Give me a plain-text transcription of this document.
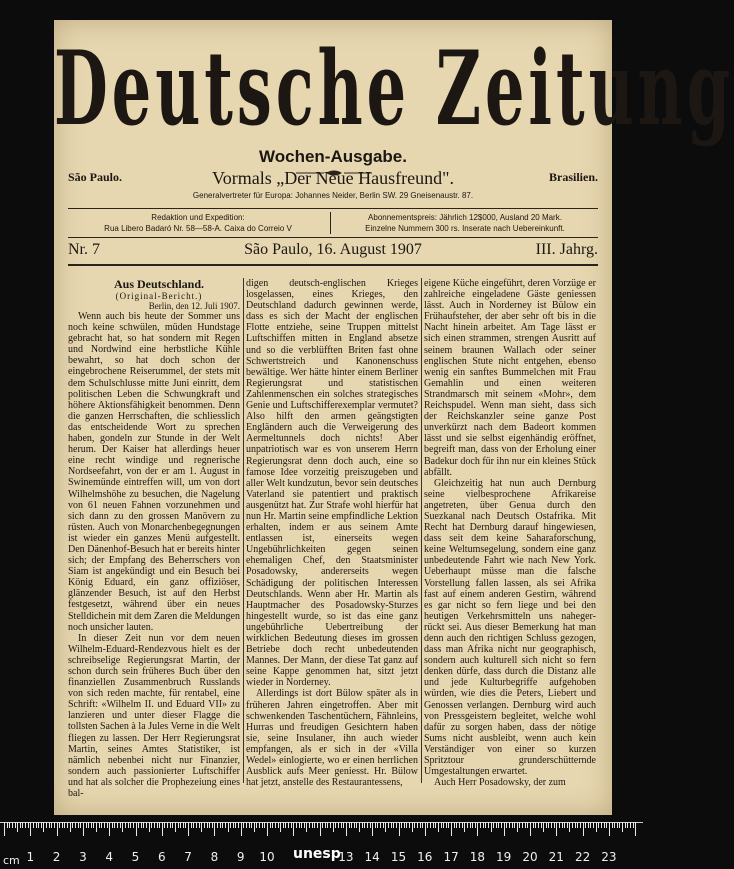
Deutsche Zeitung
Wochen-Ausgabe.
São Paulo.	Brasilien.
Vormals „Der Neue Hausfreund".
Generalvertreter für Europa: Johannes Neider, Berlin SW. 29 Gneisenaustr. 87.
Redaktion und Expedition:
Rua Libero Badaró Nr. 58—58-A. Caixa do Correio V
Abonnementspreis: Jährlich 12$000, Ausland 20 Mark.
Einzelne Nummern 300 rs. Inserate nach Uebereinkunft.
Nr. 7	São Paulo, 16. August 1907	III. Jahrg.

Aus Deutschland.

(Original-Bericht.)

Berlin, den 12. Juli 1907.

Wenn auch bis heute der Sommer uns noch keine schwülen, müden Hundstage gebracht hat, so hat sondern mit Regen und Nordwind eine herbstliche Kühle bewahrt, so hat doch schon der eingebrochene Reiserummel, der stets mit dem Schulschlusse mitte Juni einritt, dem politischen Leben die Schwungkraft und höhere Aktionsfähigkeit benommen. Denn die ganzen Herrschaften, die schliesslich das entscheidende Wort zu sprechen haben, gondeln zur Stunde in der Welt herum. Der Kaiser hat allerdings heuer eine recht windige und regnerische Nordseefahrt, von der er am 1. August in Swinemünde eintreffen will, um von dort Wilhelmshöhe zu besuchen, die Nagelung von 61 neuen Fahnen vorzunehmen und sich dann zu den grossen Manövern zu rüsten. Auch von Monarchenbegegnungen ist wieder ein ganzes Menü aufgestellt. Den Dänenhof-Besuch hat er bereits hinter sich; der Empfang des Beherrschers von Siam ist angekündigt und ein Besuch bei König Eduard, ein ganz offiziöser, glänzender Besuch, ist auf den Herbst festgesetzt, während über ein neues Stelldichein mit dem Zaren die Meldungen noch unsicher lauten.

In dieser Zeit nun vor dem neuen Wilhelm-Eduard-Rendezvous hielt es der schreibselige Regierungsrat Martin, der schon durch sein früheres Buch über den finanziellen Zusammenbruch Russlands von sich reden machte, für rentabel, eine Schrift: «Wilhelm II. und Eduard VII» zu lanzieren und unter dieser Flagge die tollsten Sachen à la Jules Verne in die Welt fliegen zu lassen. Der Herr Regierungsrat Martin, seines Amtes Statistiker, ist nämlich nebenbei nicht nur Finanzier, sondern auch passionierter Luftschiffer und hat als solcher die Prophezeiung eines bal-

digen deutsch-englischen Krieges losgelassen, eines Krieges, den Deutschland dadurch gewinnen werde, dass es sich der Macht der englischen Flotte entziehe, seine Truppen mittelst Luftschiffen mitten in England absetze und so die verblüfften Briten fast ohne Schwertstreich und Kanonenschuss bewältige. Wer hätte hinter einem Berliner Regierungsrat und statistischen Zahlenmenschen ein solches strategisches Genie und Luftschifferexemplar vermutet? Also hilft den armen geängstigten Engländern auch die Verweigerung des Aermeltunnels doch nichts! Aber unpatriotisch war es von unserem Herrn Regierungsrat denn doch auch, eine so famose Idee vorzeitig preiszugeben und aller Welt kundzutun, bevor sein deutsches Vaterland sie patentiert und praktisch ausgenützt hat. Zur Strafe wohl hierfür hat nun Hr. Martin seine empfindliche Lektion erhalten, indem er aus seinem Amte entlassen ist, einerseits wegen Ungebührlichkeiten gegen seinen ehemaligen Chef, den Staatsminister Posadowsky, andererseits wegen Schädigung der politischen Interessen Deutschlands. Wenn aber Hr. Martin als Hauptmacher des Posadowsky-Sturzes hingestellt wurde, so ist das eine ganz ungebührliche Uebertreibung der wirklichen Bedeutung dieses im grossen Betriebe doch recht unbedeutenden Mannes. Der Mann, der diese Tat ganz auf seine Kappe genommen hat, sitzt jetzt wieder in Norderney.

Allerdings ist dort Bülow später als in früheren Jahren eingetroffen. Aber mit schwenkenden Taschentüchern, Fähnleins, Hurras und freudigen Gesichtern haben sie, seine Insulaner, ihn auch wieder empfangen, als er sich in der «Villa Wedel» einlogierte, wo er einen herrlichen Ausblick aufs Meer geniesst. Hr. Bülow hat jetzt, anstelle des Restaurantessens,

eigene Küche eingeführt, deren Vorzüge er zahlreiche eingeladene Gäste geniessen lässt. Auch in Norderney ist Bülow ein Frühaufsteher, der aber sehr oft bis in die Nacht hinein arbeitet. Am Tage lässt er sich einen strammen, strengen Ausritt auf seinem braunen Wallach oder seiner englischen Stute nicht entgehen, ebenso wenig ein sanftes Bummelchen mit Frau Gemahlin und einen weiteren Strandmarsch mit seinem «Mohr», dem Reichspudel. Wenn man sieht, dass sich der Reichskanzler seine ganze Post unverkürzt nach dem Badeort kommen lässt und sie selbst eigenhändig eröffnet, begreift man, dass von der Erholung einer Badekur doch für ihn nur ein kleines Stück abfällt.

Gleichzeitig hat nun auch Dernburg seine vielbesprochene Afrikareise angetreten, über Genua durch den Suezkanal nach Deutsch Ostafrika. Mit Recht hat Dernburg darauf hingewiesen, dass seit dem keine Saharaforschung, keine Weltumsegelung, sondern eine ganz unbedeutende Fahrt wie nach New York. Ueberhaupt müsse man die falsche Vorstellung fallen lassen, als sei Afrika fast auf einem anderen Gestirn, während es gar nicht so fern liege und bei den heutigen Verkehrsmitteln uns naheger-rückt sei. Aus dieser Bemerkung hat man denn auch den richtigen Schluss gezogen, dass man Afrika nicht nur geographisch, sondern auch kulturell sich nicht so fern denken dürfe, dass durch die Distanz alle und jede Kulturbegriffe aufgehoben würden, wie dies die Peters, Liebert und Genossen verlangen. Dernburg wird auch von Pressgeistern begleitet, welche wohl dafür zu sorgen haben, dass der nötige Sums nicht ausbleibt, wenn auch kein Verständiger von einer so kurzen Spritztour grunderschütternde Umgestaltungen erwartet.

Auch Herr Posadowsky, der zum

cm	unesp
1 2 3 4 5 6 7 8 9 10	13 14 15 16 17 18 19 20 21 22 23
